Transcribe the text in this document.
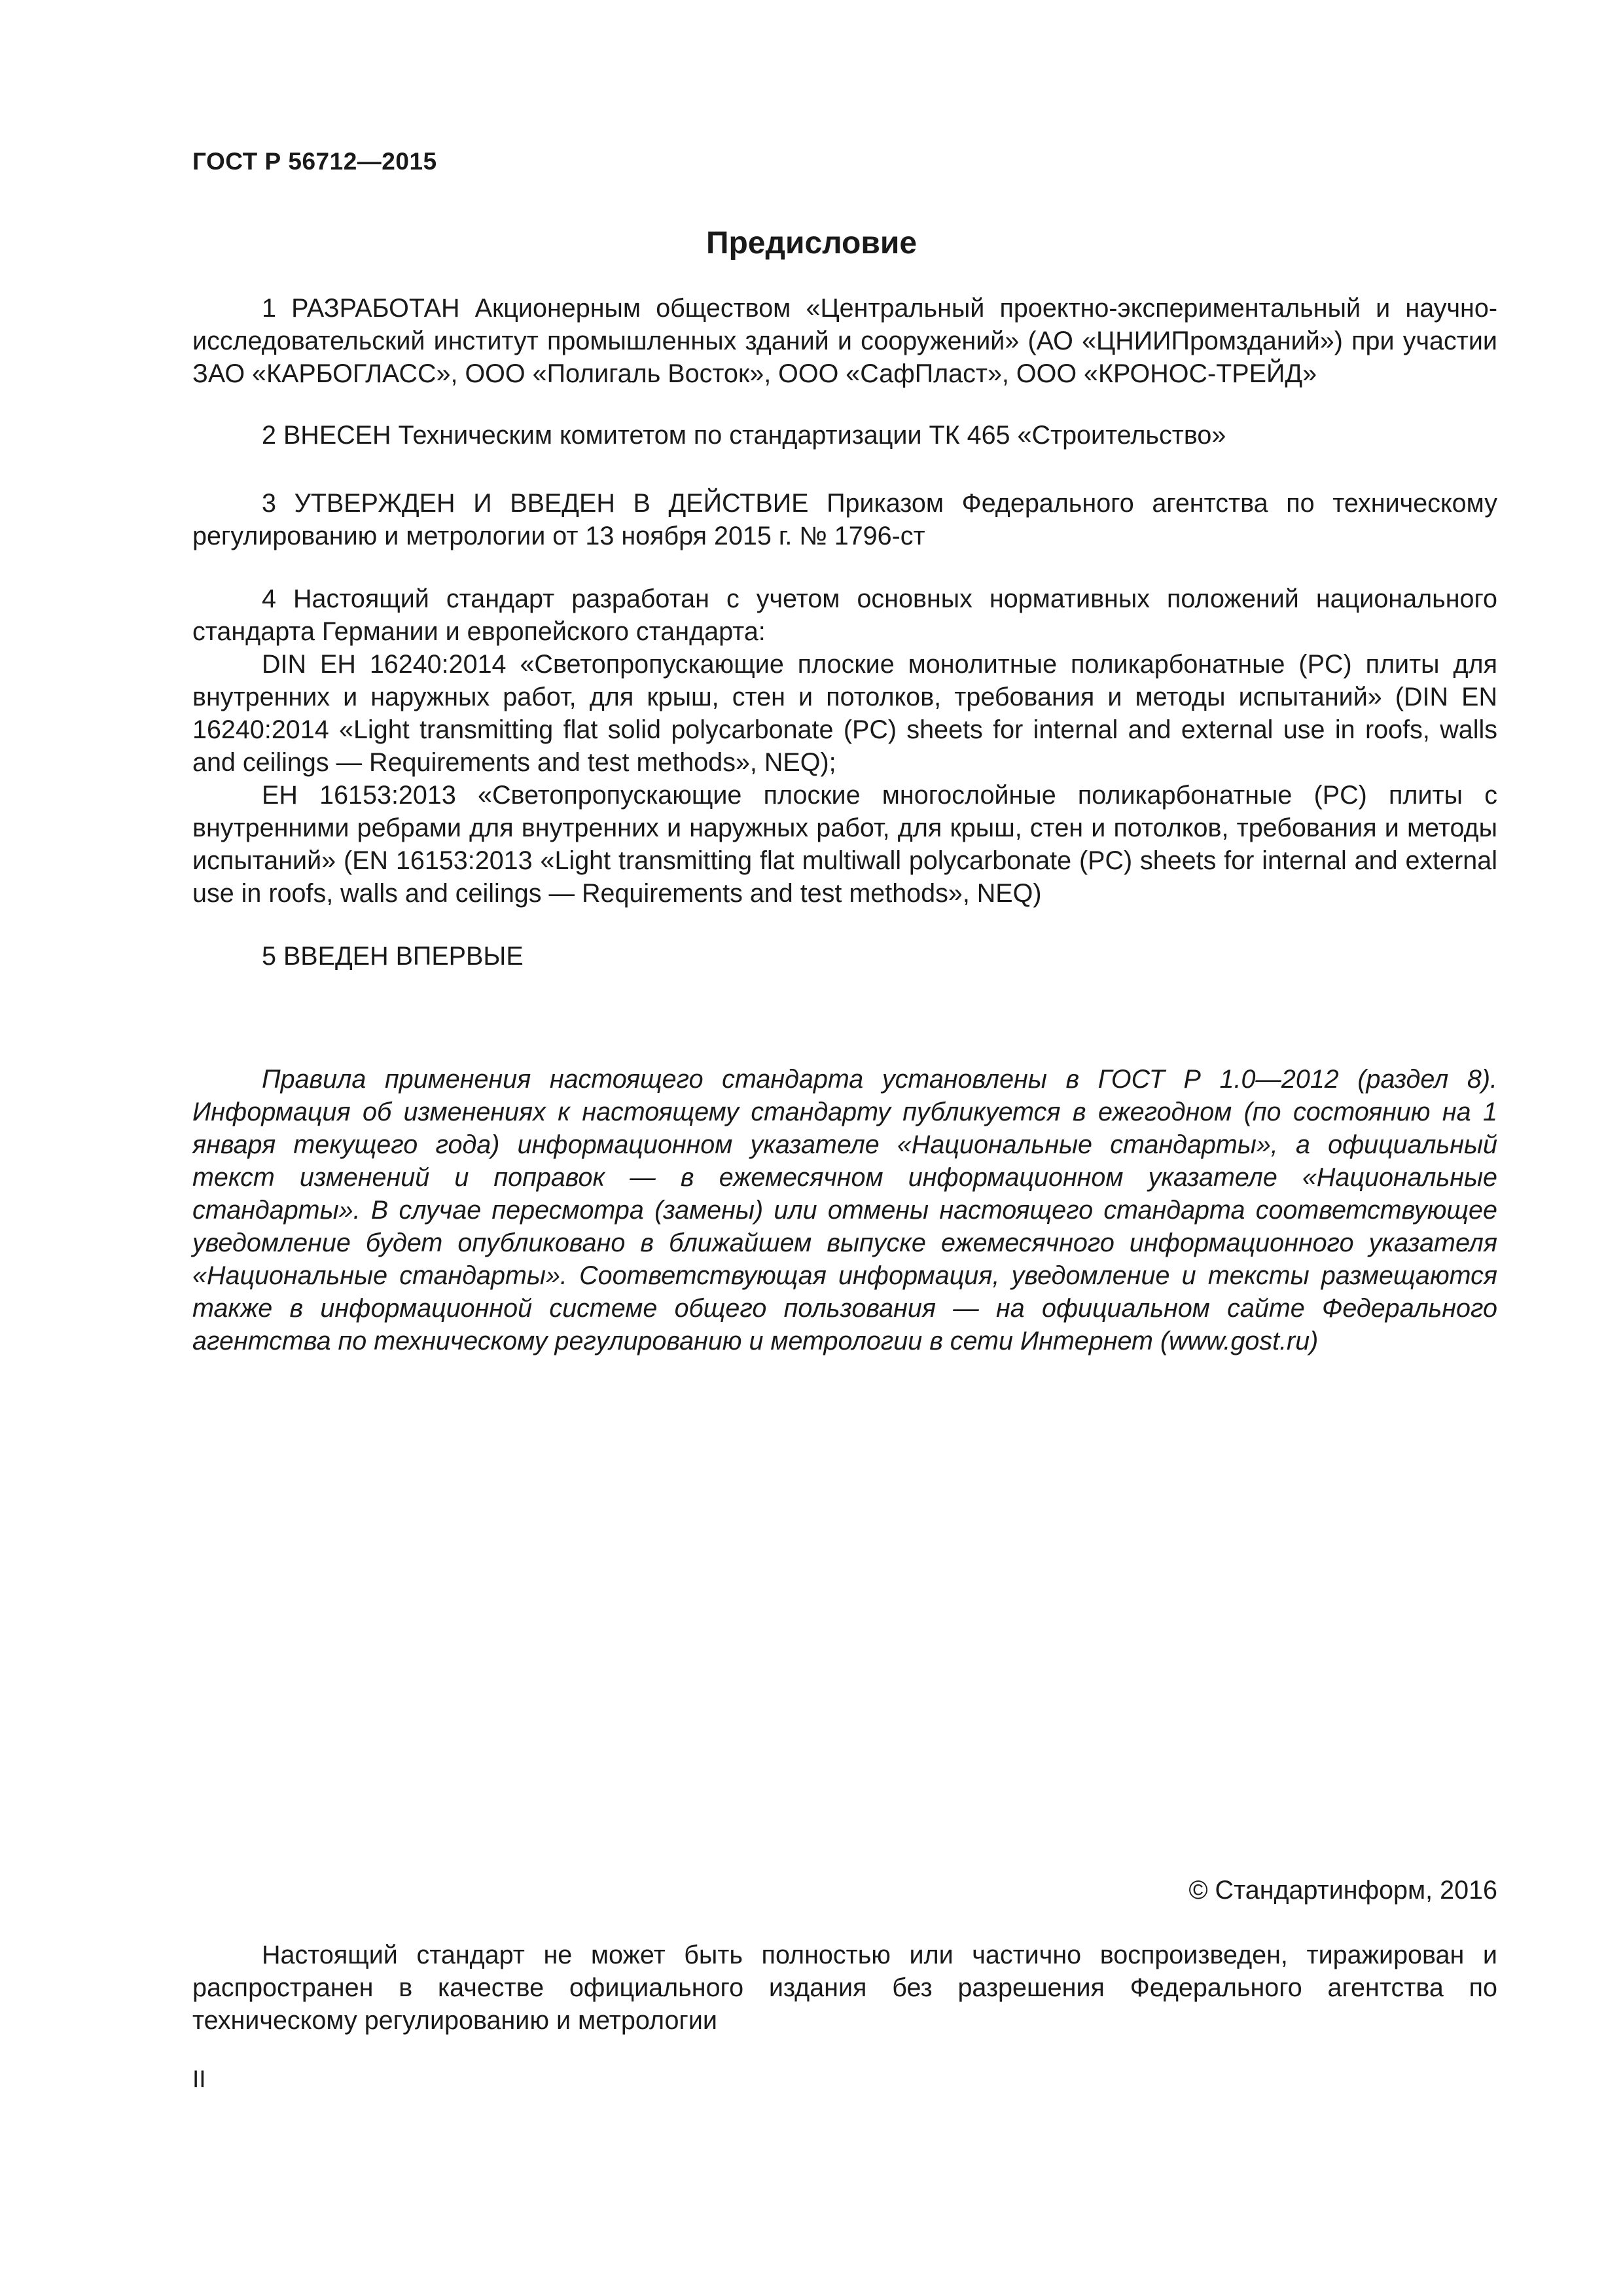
ГОСТ Р 56712—2015
Предисловие

1 РАЗРАБОТАН Акционерным обществом «Центральный проектно-экспериментальный и научно-исследовательский институт промышленных зданий и сооружений» (АО «ЦНИИПромзданий») при участии ЗАО «КАРБОГЛАСС», ООО «Полигаль Восток», ООО «СафПласт», ООО «КРОНОС-ТРЕЙД»

2 ВНЕСЕН Техническим комитетом по стандартизации ТК 465 «Строительство»

3 УТВЕРЖДЕН И ВВЕДЕН В ДЕЙСТВИЕ Приказом Федерального агентства по техническому регулированию и метрологии от 13 ноября 2015 г. № 1796-ст

4 Настоящий стандарт разработан с учетом основных нормативных положений национального стандарта Германии и европейского стандарта:

DIN ЕН 16240:2014 «Светопропускающие плоские монолитные поликарбонатные (PC) плиты для внутренних и наружных работ, для крыш, стен и потолков, требования и методы испытаний» (DIN EN 16240:2014 «Light transmitting flat solid polycarbonate (PC) sheets for internal and external use in roofs, walls and ceilings — Requirements and test methods», NEQ);

ЕН 16153:2013 «Светопропускающие плоские многослойные поликарбонатные (PC) плиты с внутренними ребрами для внутренних и наружных работ, для крыш, стен и потолков, требования и методы испытаний» (EN 16153:2013 «Light transmitting flat multiwall polycarbonate (PC) sheets for internal and external use in roofs, walls and ceilings — Requirements and test methods», NEQ)

5 ВВЕДЕН ВПЕРВЫЕ

Правила применения настоящего стандарта установлены в ГОСТ Р 1.0—2012 (раздел 8). Информация об изменениях к настоящему стандарту публикуется в ежегодном (по состоянию на 1 января текущего года) информационном указателе «Национальные стандарты», а официальный текст изменений и поправок — в ежемесячном информационном указателе «Национальные стандарты». В случае пересмотра (замены) или отмены настоящего стандарта соответствующее уведомление будет опубликовано в ближайшем выпуске ежемесячного информационного указателя «Национальные стандарты». Соответствующая информация, уведомление и тексты размещаются также в информационной системе общего пользования — на официальном сайте Федерального агентства по техническому регулированию и метрологии в сети Интернет (www.gost.ru)

© Стандартинформ, 2016
Настоящий стандарт не может быть полностью или частично воспроизведен, тиражирован и распространен в качестве официального издания без разрешения Федерального агентства по техническому регулированию и метрологии
II
